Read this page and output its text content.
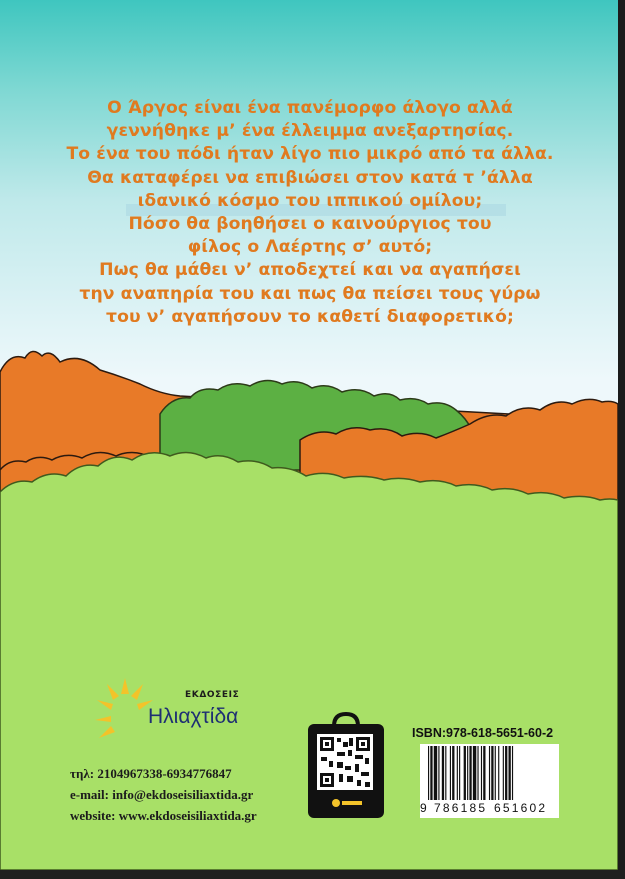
Ο Άργος είναι ένα πανέμορφο άλογο αλλά
γεννήθηκε μ’ ένα έλλειμμα ανεξαρτησίας.
Το ένα του πόδι ήταν λίγο πιο μικρό από τα άλλα.
Θα καταφέρει να επιβιώσει στον κατά τ ’άλλα
ιδανικό κόσμο του ιππικού ομίλου;
Πόσο θα βοηθήσει ο καινούργιος του
φίλος ο Λαέρτης σ’ αυτό;
Πως θα μάθει ν’ αποδεχτεί και να αγαπήσει
την αναπηρία του και πως θα πείσει τους γύρω
του ν’ αγαπήσουν το καθετί διαφορετικό;
ΕΚΔΟΣΕΙΣ
Ηλιαχτίδα
τηλ: 2104967338-6934776847
e-mail: info@ekdoseisiliaxtida.gr
website: www.ekdoseisiliaxtida.gr
ISBN:978-618-5651-60-2
9 786185 651602
